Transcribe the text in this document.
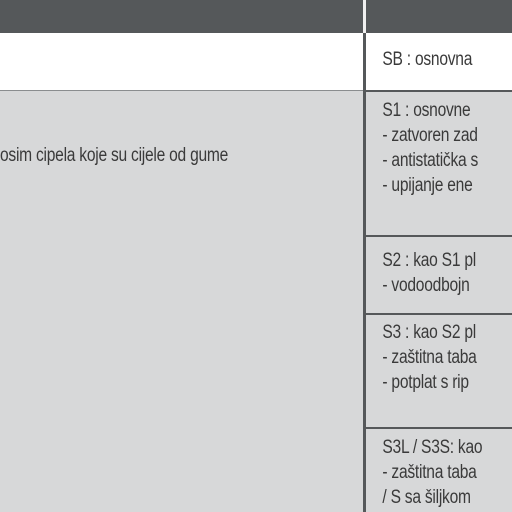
osim cipela koje su cijele od gume
SB : osnovna
S1 : osnovne
- zatvoren zad
- antistatička s
- upijanje ene
S2 : kao S1 pl
- vodoodbojn
S3 : kao S2 pl
- zaštitna taba
- potplat s rip
S3L / S3S: kao
- zaštitna taba
/ S sa šiljkom
